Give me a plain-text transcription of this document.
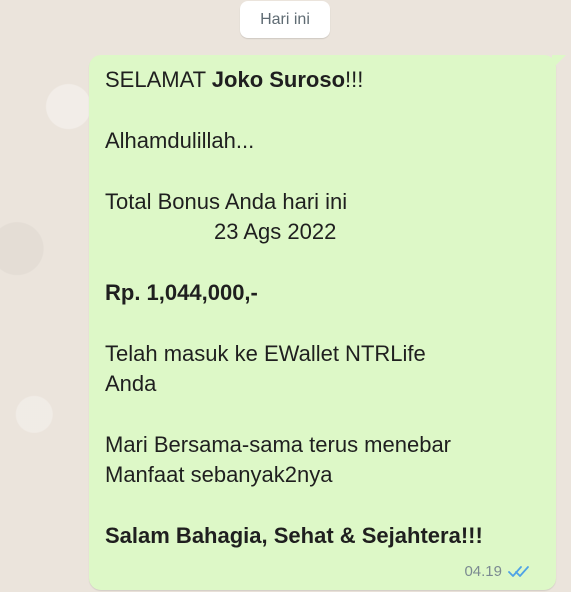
Hari ini
SELAMAT Joko Suroso!!!
Alhamdulillah...
Total Bonus Anda hari ini
23 Ags 2022
Rp. 1,044,000,-
Telah masuk ke EWallet NTRLife
Anda
Mari Bersama-sama terus menebar
Manfaat sebanyak2nya
Salam Bahagia, Sehat & Sejahtera!!!
04.19
